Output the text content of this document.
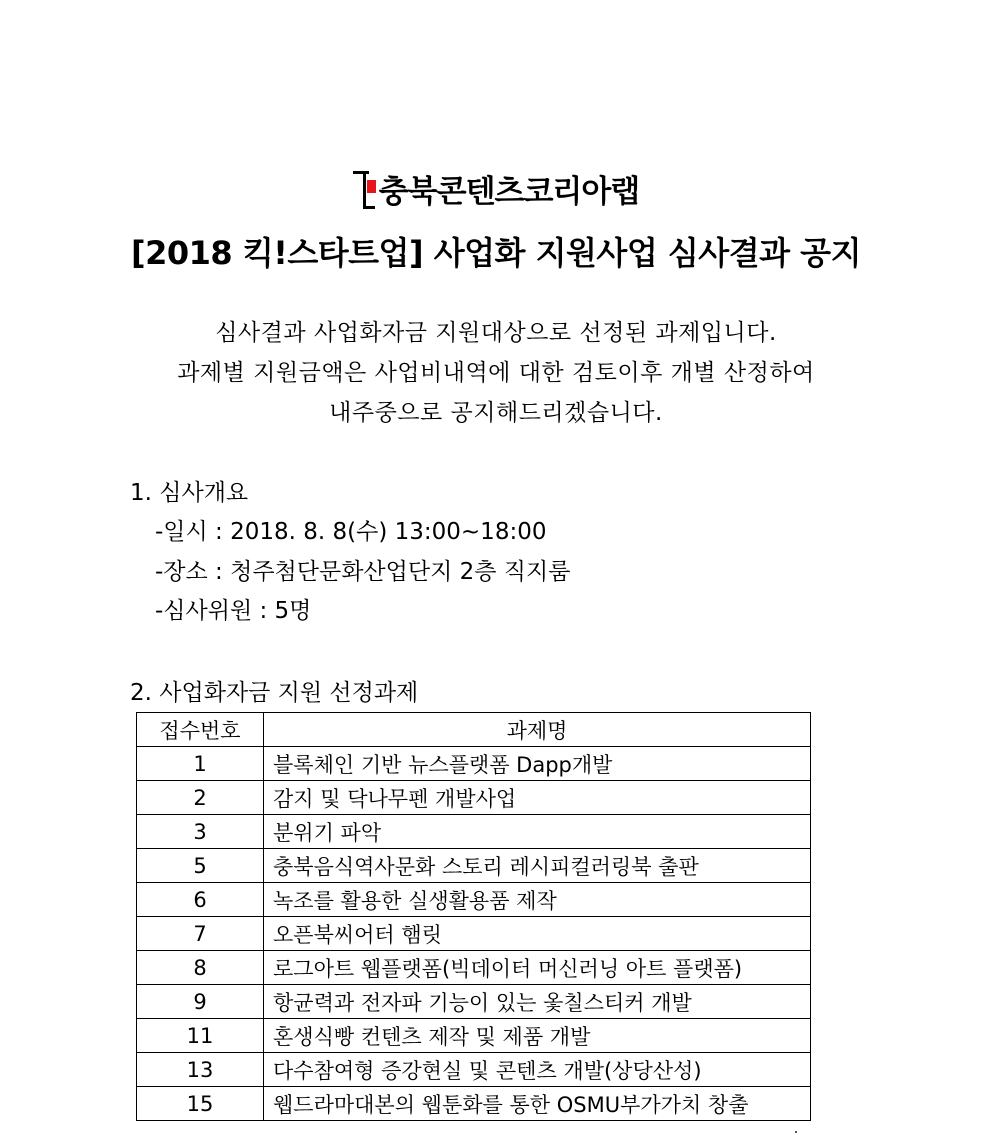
충북콘텐츠코리아랩
[2018 킥!스타트업] 사업화 지원사업 심사결과 공지
심사결과 사업화자금 지원대상으로 선정된 과제입니다.
과제별 지원금액은 사업비내역에 대한 검토이후 개별 산정하여
내주중으로 공지해드리겠습니다.
1. 심사개요
-일시 : 2018. 8. 8(수) 13:00~18:00
-장소 : 청주첨단문화산업단지 2층 직지룸
-심사위원 : 5명
2. 사업화자금 지원 선정과제
접수번호	과제명
1	블록체인 기반 뉴스플랫폼 Dapp개발
2	감지 및 닥나무펜 개발사업
3	분위기 파악
5	충북음식역사문화 스토리 레시피컬러링북 출판
6	녹조를 활용한 실생활용품 제작
7	오픈북씨어터 햄릿
8	로그아트 웹플랫폼(빅데이터 머신러닝 아트 플랫폼)
9	항균력과 전자파 기능이 있는 옻칠스티커 개발
11	혼생식빵 컨텐츠 제작 및 제품 개발
13	다수참여형 증강현실 및 콘텐츠 개발(상당산성)
15	웹드라마대본의 웹툰화를 통한 OSMU부가가치 창출
